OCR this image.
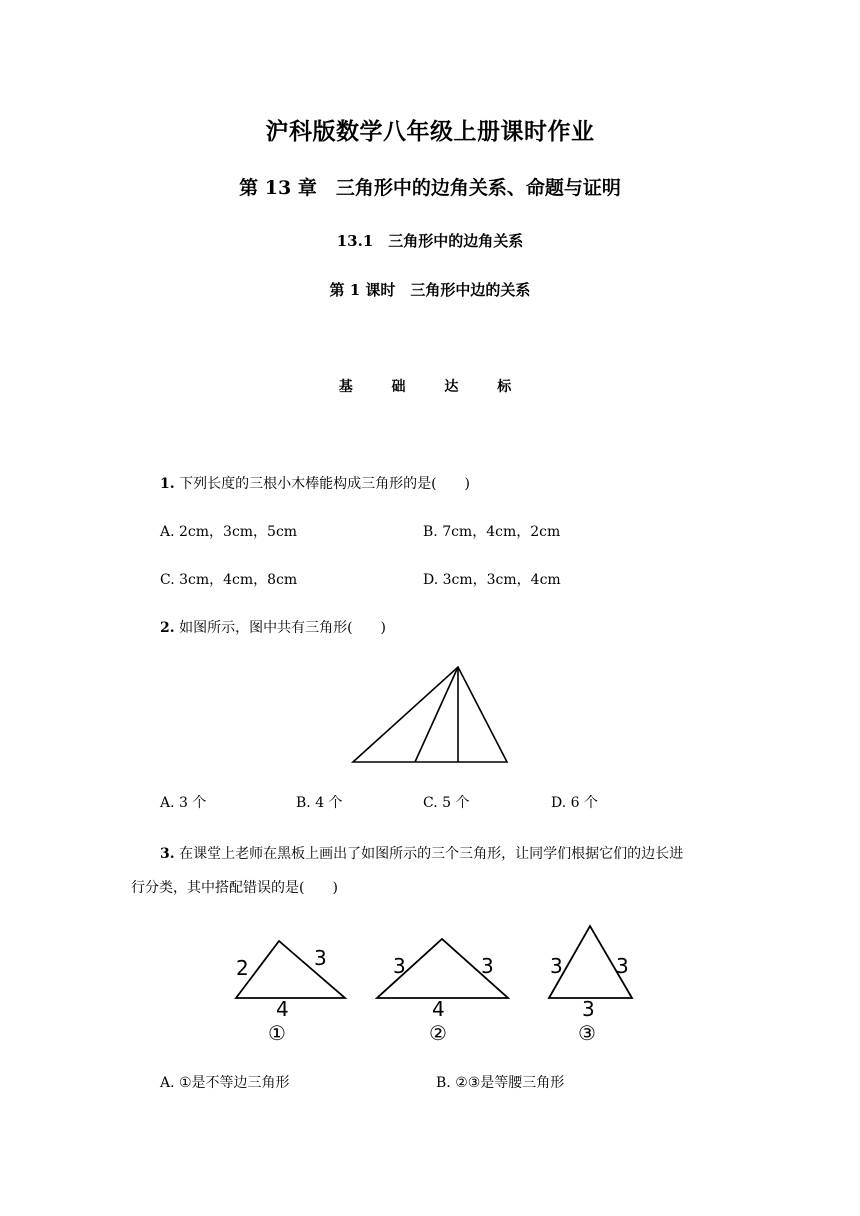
沪科版数学八年级上册课时作业
第 13 章　三角形中的边角关系、命题与证明
13.1　三角形中的边角关系
第 1 课时　三角形中边的关系
基 础 达 标
1. 下列长度的三根小木棒能构成三角形的是(　　)
A. 2cm，3cm，5cm	B. 7cm，4cm，2cm
C. 3cm，4cm，8cm	D. 3cm，3cm，4cm
2. 如图所示，图中共有三角形(　　)
A. 3 个	B. 4 个	C. 5 个	D. 6 个
3. 在课堂上老师在黑板上画出了如图所示的三个三角形，让同学们根据它们的边长进
行分类，其中搭配错误的是(　　)
2	3
4
①
3	3
4
②
3	3
3
③
A. ①是不等边三角形	B. ②③是等腰三角形
